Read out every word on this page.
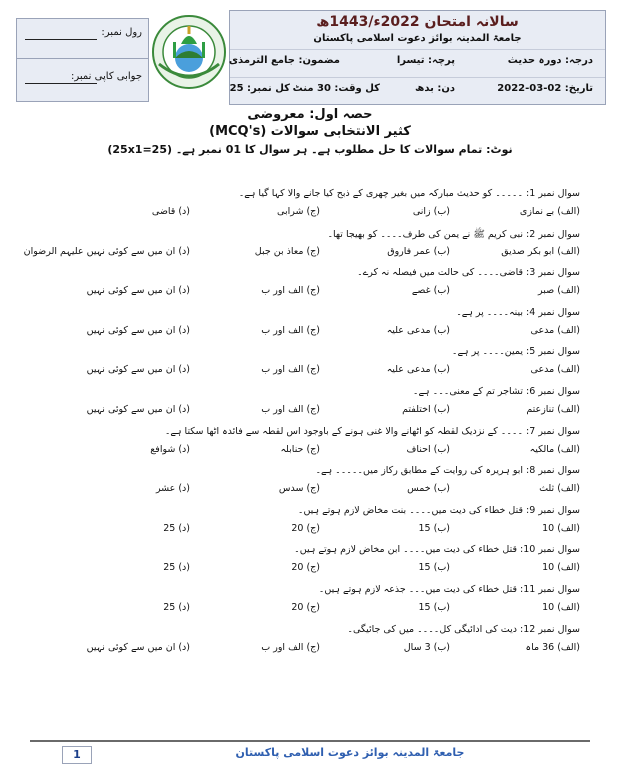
رول نمبر:
جوابی کاپی نمبر:
سالانہ امتحان 2022ء/1443ھ
جامعۃ المدینہ بوائز دعوت اسلامی پاکستان
درجہ: دورہ حدیث
پرچہ: تیسرا
مضمون: جامع الترمذی
تاریخ: 02-03-2022
دن: بدھ
کل وقت: 30 منٹ
کل نمبر: 25
حصہ اول: معروضی
کثیر الانتخابی سوالات (MCQ's)
نوٹ: تمام سوالات کا حل مطلوب ہے۔ ہر سوال کا 01 نمبر ہے۔ (25x1=25)
سوال نمبر 1: ۔۔۔۔۔ کو حدیث مبارکہ میں بغیر چھری کے ذبح کیا جانے والا کہا گیا ہے۔
(الف) بے نمازی
(ب) زانی
(ج) شرابی
(د) قاضی
سوال نمبر 2: نبی کریم ﷺ نے یمن کی طرف۔۔۔۔ کو بھیجا تھا۔
(الف) ابو بکر صدیق
(ب) عمر فاروق
(ج) معاذ بن جبل
(د) ان میں سے کوئی نہیں علیہم الرضوان
سوال نمبر 3: قاضی۔۔۔۔ کی حالت میں فیصلہ نہ کرے۔
(الف) صبر
(ب) غصے
(ج) الف اور ب
(د) ان میں سے کوئی نہیں
سوال نمبر 4: بینہ۔۔۔۔ پر ہے۔
(الف) مدعی
(ب) مدعی علیہ
(ج) الف اور ب
(د) ان میں سے کوئی نہیں
سوال نمبر 5: یمین۔۔۔۔ پر ہے۔
(الف) مدعی
(ب) مدعی علیہ
(ج) الف اور ب
(د) ان میں سے کوئی نہیں
سوال نمبر 6: تشاجر تم کے معنی۔۔۔ ہے۔
(الف) تنازعتم
(ب) اختلفتم
(ج) الف اور ب
(د) ان میں سے کوئی نہیں
سوال نمبر 7: ۔۔۔۔ کے نزدیک لقطہ کو اٹھانے والا غنی ہونے کے باوجود اس لقطہ سے فائدہ اٹھا سکتا ہے۔
(الف) مالکیہ
(ب) احناف
(ج) حنابلہ
(د) شوافع
سوال نمبر 8: ابو ہریرہ کی روایت کے مطابق رکاز میں۔۔۔۔۔ ہے۔
(الف) ثلث
(ب) خمس
(ج) سدس
(د) عشر
سوال نمبر 9: قتل خطاء کی دیت میں۔۔۔۔ بنت مخاض لازم ہوتے ہیں۔
(الف) 10
(ب) 15
(ج) 20
(د) 25
سوال نمبر 10: قتل خطاء کی دیت میں۔۔۔۔ ابن مخاض لازم ہوتے ہیں۔
(الف) 10
(ب) 15
(ج) 20
(د) 25
سوال نمبر 11: قتل خطاء کی دیت میں۔۔۔ جذعہ لازم ہوتے ہیں۔
(الف) 10
(ب) 15
(ج) 20
(د) 25
سوال نمبر 12: دیت کی ادائیگی کل۔۔۔۔ میں کی جائیگی۔
(الف) 36 ماہ
(ب) 3 سال
(ج) الف اور ب
(د) ان میں سے کوئی نہیں
1	جامعۃ المدینہ بوائز دعوت اسلامی پاکستان
